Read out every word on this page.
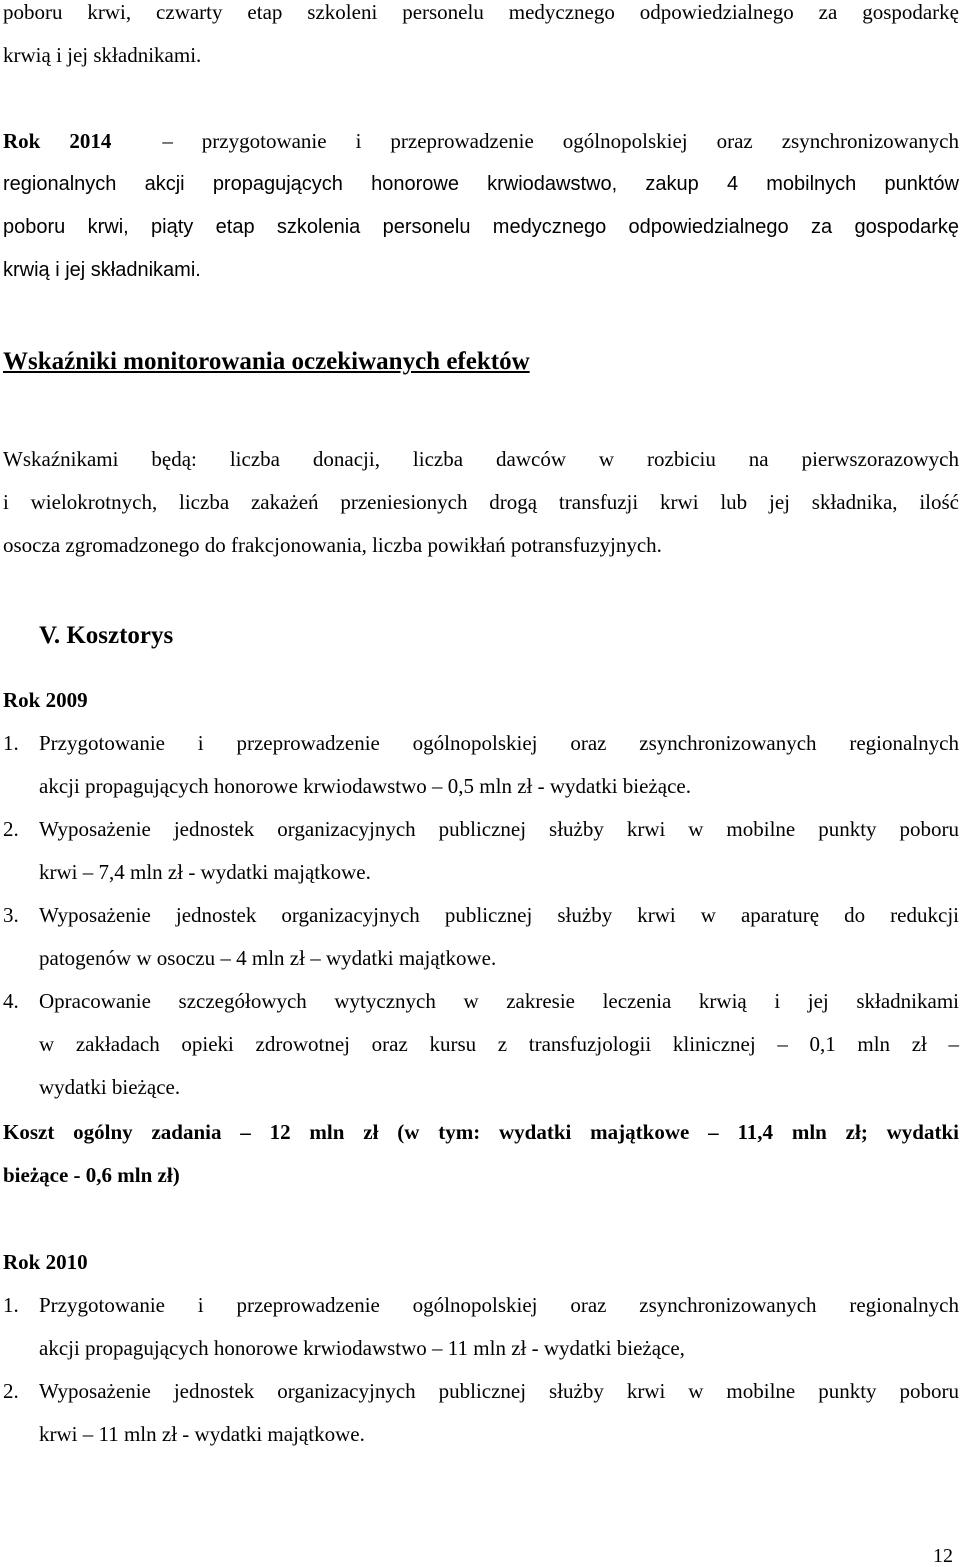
poboru krwi, czwarty etap szkoleni personelu medycznego odpowiedzialnego za gospodarkę
krwią i jej składnikami.
Rok 2014 – przygotowanie i przeprowadzenie ogólnopolskiej oraz zsynchronizowanych
regionalnych akcji propagujących honorowe krwiodawstwo, zakup 4 mobilnych punktów
poboru krwi, piąty etap szkolenia personelu medycznego odpowiedzialnego za gospodarkę
krwią i jej składnikami.
Wskaźniki monitorowania oczekiwanych efektów
Wskaźnikami będą: liczba donacji, liczba dawców w rozbiciu na pierwszorazowych
i wielokrotnych, liczba zakażeń przeniesionych drogą transfuzji krwi lub jej składnika, ilość
osocza zgromadzonego do frakcjonowania, liczba powikłań potransfuzyjnych.
V. Kosztorys
Rok 2009
1. Przygotowanie i przeprowadzenie ogólnopolskiej oraz zsynchronizowanych regionalnych
akcji propagujących honorowe krwiodawstwo – 0,5 mln zł - wydatki bieżące.
2. Wyposażenie jednostek organizacyjnych publicznej służby krwi w mobilne punkty poboru
krwi – 7,4 mln zł - wydatki majątkowe.
3. Wyposażenie jednostek organizacyjnych publicznej służby krwi w aparaturę do redukcji
patogenów w osoczu – 4 mln zł – wydatki majątkowe.
4. Opracowanie szczegółowych wytycznych w zakresie leczenia krwią i jej składnikami
w zakładach opieki zdrowotnej oraz kursu z transfuzjologii klinicznej – 0,1 mln zł –
wydatki bieżące.
Koszt ogólny zadania – 12 mln zł (w tym: wydatki majątkowe – 11,4 mln zł; wydatki
bieżące - 0,6 mln zł)
Rok 2010
1. Przygotowanie i przeprowadzenie ogólnopolskiej oraz zsynchronizowanych regionalnych
akcji propagujących honorowe krwiodawstwo – 11 mln zł - wydatki bieżące,
2. Wyposażenie jednostek organizacyjnych publicznej służby krwi w mobilne punkty poboru
krwi – 11 mln zł - wydatki majątkowe.
12
